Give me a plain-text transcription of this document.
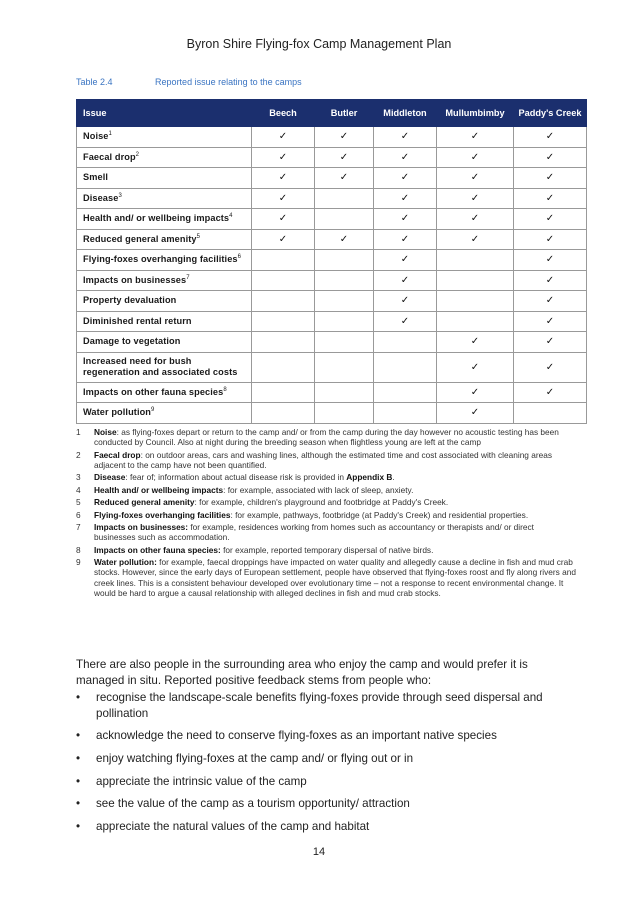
Byron Shire Flying-fox Camp Management Plan
Table 2.4	Reported issue relating to the camps
Issue	Beech	Butler	Middleton	Mullumbimby	Paddy's Creek
Noise$^1$	✓	✓	✓	✓	✓
Faecal drop$^2$	✓	✓	✓	✓	✓
Smell	✓	✓	✓	✓	✓
Disease$^3$	✓		✓	✓	✓
Health and/ or wellbeing impacts$^4$	✓		✓	✓	✓
Reduced general amenity$^5$	✓	✓	✓	✓	✓
Flying-foxes overhanging facilities$^6$			✓		✓
Impacts on businesses$^7$			✓		✓
Property devaluation			✓		✓
Diminished rental return			✓		✓
Damage to vegetation				✓	✓
Increased need for bush regeneration and associated costs				✓	✓
Impacts on other fauna species$^8$				✓	✓
Water pollution$^9$				✓	
1	Noise: as flying-foxes depart or return to the camp and/ or from the camp during the day however no acoustic testing has been conducted by Council. Also at night during the breeding season when flightless young are left at the camp
2	Faecal drop: on outdoor areas, cars and washing lines, although the estimated time and cost associated with cleaning areas adjacent to the camp have not been quantified.
3	Disease: fear of; information about actual disease risk is provided in Appendix B.
4	Health and/ or wellbeing impacts: for example, associated with lack of sleep, anxiety.
5	Reduced general amenity: for example, children's playground and footbridge at Paddy's Creek.
6	Flying-foxes overhanging facilities: for example, pathways, footbridge (at Paddy's Creek) and residential properties.
7	Impacts on businesses: for example, residences working from homes such as accountancy or therapists and/ or direct businesses such as accommodation.
8	Impacts on other fauna species: for example, reported temporary dispersal of native birds.
9	Water pollution: for example, faecal droppings have impacted on water quality and allegedly cause a decline in fish and mud crab stocks. However, since the early days of European settlement, people have observed that flying-foxes roost and fly along rivers and creek lines. This is a consistent behaviour developed over evolutionary time – not a response to recent environmental change. It would be hard to argue a causal relationship with alleged declines in fish and mud crab stocks.
There are also people in the surrounding area who enjoy the camp and would prefer it is managed in situ. Reported positive feedback stems from people who:
•	recognise the landscape-scale benefits flying-foxes provide through seed dispersal and pollination
•	acknowledge the need to conserve flying-foxes as an important native species
•	enjoy watching flying-foxes at the camp and/ or flying out or in
•	appreciate the intrinsic value of the camp
•	see the value of the camp as a tourism opportunity/ attraction
•	appreciate the natural values of the camp and habitat
14
